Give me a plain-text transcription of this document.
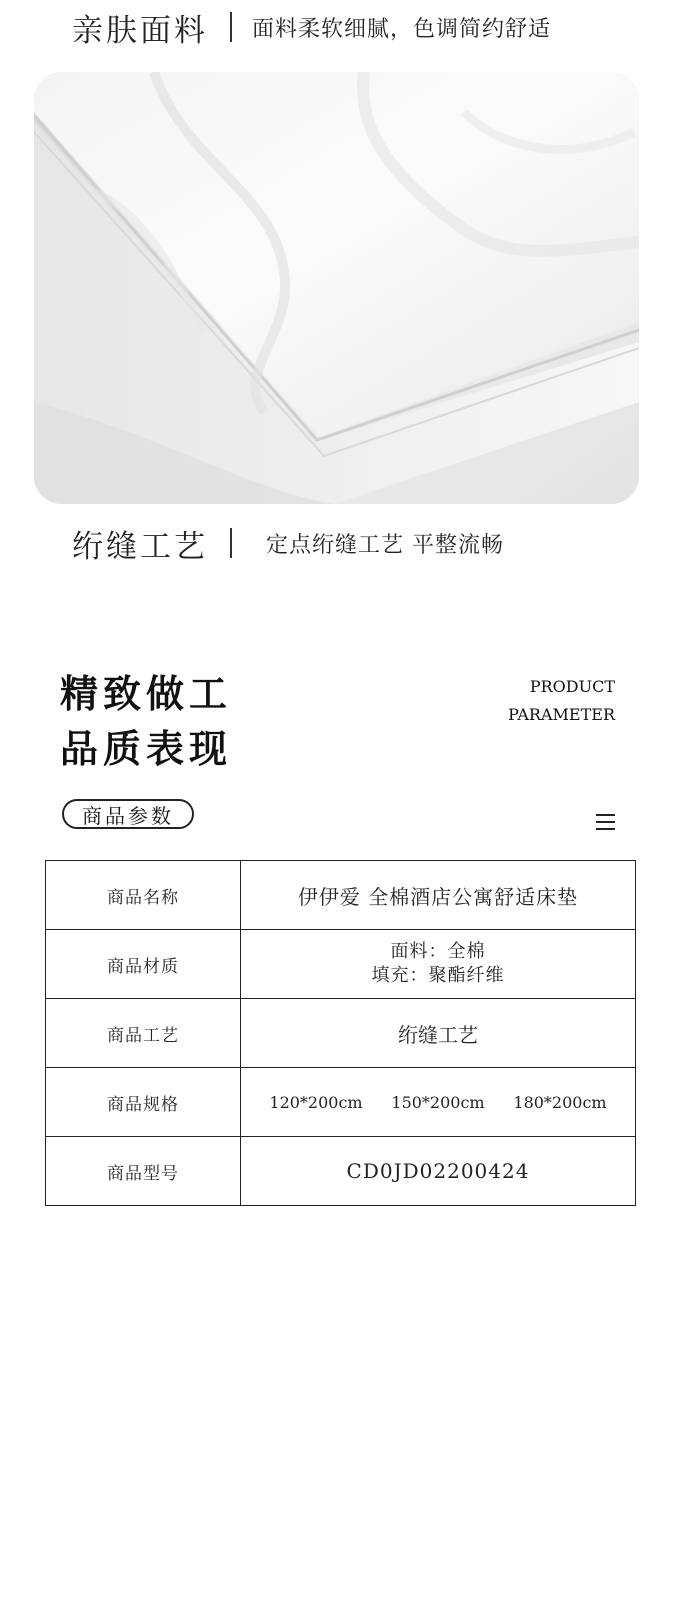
亲肤面料 面料柔软细腻，色调简约舒适
绗缝工艺	定点绗缝工艺 平整流畅
精致做工
品质表现
PRODUCT
PARAMETER
商品参数
商品名称	伊伊爱 全棉酒店公寓舒适床垫
商品材质	面料：全棉
填充：聚酯纤维

商品工艺	绗缝工艺
商品规格	120*200cm 150*200cm 180*200cm

商品型号	CD0JD02200424
